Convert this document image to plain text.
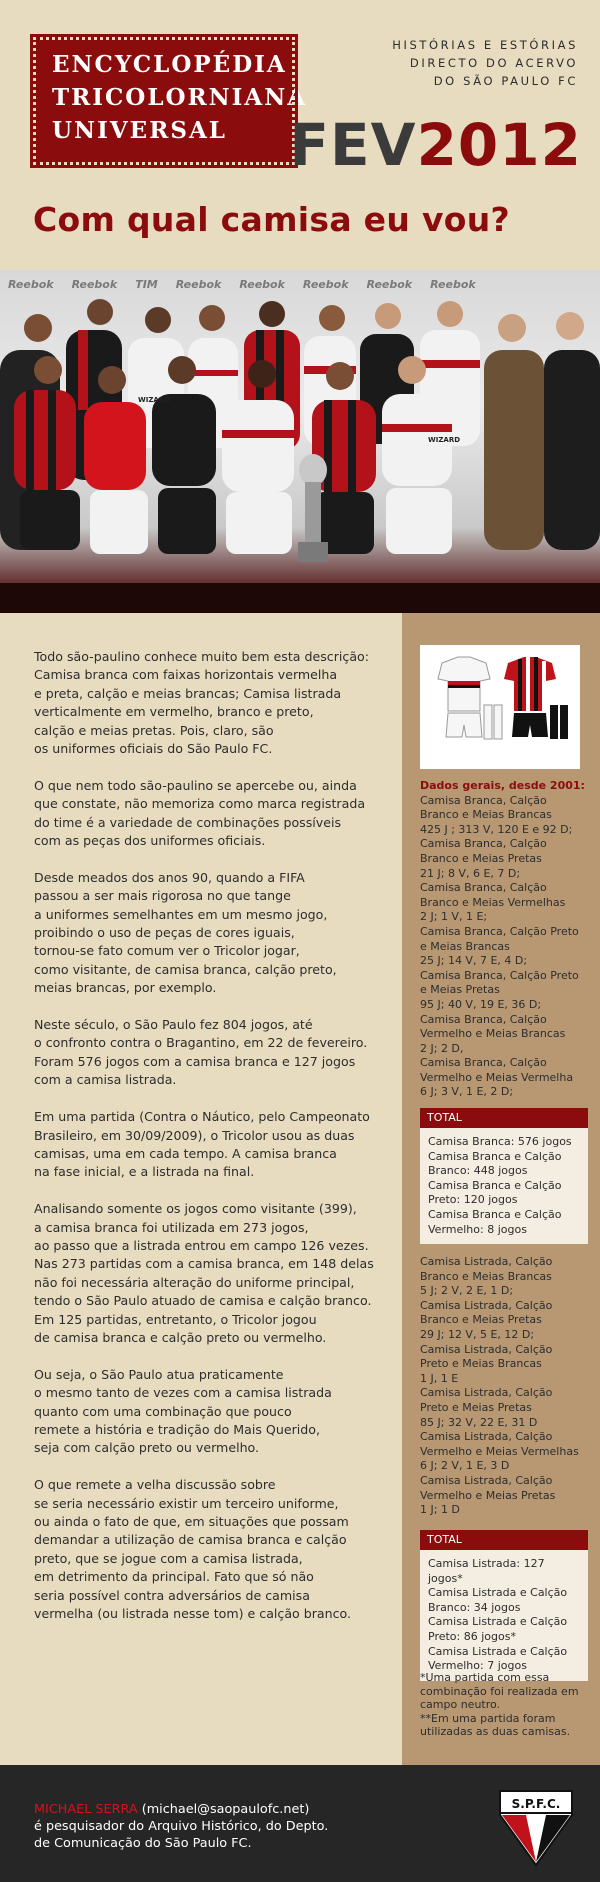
ENCYCLOPÉDIA
TRICOLORNIANA
UNIVERSAL
HISTÓRIAS E ESTÓRIAS
DIRECTO DO ACERVO
DO SÃO PAULO FC
FEV2012
Com qual camisa eu vou?
Reebok Reebok TIM Reebok Reebok Reebok Reebok Reebok
WIZARD
WIZARD

Todo são-paulino conhece muito bem esta descrição:
Camisa branca com faixas horizontais vermelha
e preta, calção e meias brancas; Camisa listrada
verticalmente em vermelho, branco e preto,
calção e meias pretas. Pois, claro, são
os uniformes oficiais do São Paulo FC.

O que nem todo são-paulino se apercebe ou, ainda
que constate, não memoriza como marca registrada
do time é a variedade de combinações possíveis
com as peças dos uniformes oficiais.

Desde meados dos anos 90, quando a FIFA
passou a ser mais rigorosa no que tange
a uniformes semelhantes em um mesmo jogo,
proibindo o uso de peças de cores iguais,
tornou-se fato comum ver o Tricolor jogar,
como visitante, de camisa branca, calção preto,
meias brancas, por exemplo.

Neste século, o São Paulo fez 804 jogos, até
o confronto contra o Bragantino, em 22 de fevereiro.
Foram 576 jogos com a camisa branca e 127 jogos
com a camisa listrada.

Em uma partida (Contra o Náutico, pelo Campeonato
Brasileiro, em 30/09/2009), o Tricolor usou as duas
camisas, uma em cada tempo. A camisa branca
na fase inicial, e a listrada na final.

Analisando somente os jogos como visitante (399),
a camisa branca foi utilizada em 273 jogos,
ao passo que a listrada entrou em campo 126 vezes.
Nas 273 partidas com a camisa branca, em 148 delas
não foi necessária alteração do uniforme principal,
tendo o São Paulo atuado de camisa e calção branco.
Em 125 partidas, entretanto, o Tricolor jogou
de camisa branca e calção preto ou vermelho.

Ou seja, o São Paulo atua praticamente
o mesmo tanto de vezes com a camisa listrada
quanto com uma combinação que pouco
remete a história e tradição do Mais Querido,
seja com calção preto ou vermelho.

O que remete a velha discussão sobre
se seria necessário existir um terceiro uniforme,
ou ainda o fato de que, em situações que possam
demandar a utilização de camisa branca e calção
preto, que se jogue com a camisa listrada,
em detrimento da principal. Fato que só não
seria possível contra adversários de camisa
vermelha (ou listrada nesse tom) e calção branco.

Dados gerais, desde 2001:
Camisa Branca, Calção
Branco e Meias Brancas
425 J ; 313 V, 120 E e 92 D;
Camisa Branca, Calção
Branco e Meias Pretas
21 J; 8 V, 6 E, 7 D;
Camisa Branca, Calção
Branco e Meias Vermelhas
2 J; 1 V, 1 E;
Camisa Branca, Calção Preto
e Meias Brancas
25 J; 14 V, 7 E, 4 D;
Camisa Branca, Calção Preto
e Meias Pretas
95 J; 40 V, 19 E, 36 D;
Camisa Branca, Calção
Vermelho e Meias Brancas
2 J; 2 D,
Camisa Branca, Calção
Vermelho e Meias Vermelha
6 J; 3 V, 1 E, 2 D;
TOTAL
Camisa Branca: 576 jogos
Camisa Branca e Calção
Branco: 448 jogos
Camisa Branca e Calção
Preto: 120 jogos
Camisa Branca e Calção
Vermelho: 8 jogos
Camisa Listrada, Calção
Branco e Meias Brancas
5 J; 2 V, 2 E, 1 D;
Camisa Listrada, Calção
Branco e Meias Pretas
29 J; 12 V, 5 E, 12 D;
Camisa Listrada, Calção
Preto e Meias Brancas
1 J, 1 E
Camisa Listrada, Calção
Preto e Meias Pretas
85 J; 32 V, 22 E, 31 D
Camisa Listrada, Calção
Vermelho e Meias Vermelhas
6 J; 2 V, 1 E, 3 D
Camisa Listrada, Calção
Vermelho e Meias Pretas
1 J; 1 D
TOTAL
Camisa Listrada: 127 jogos*
Camisa Listrada e Calção
Branco: 34 jogos
Camisa Listrada e Calção
Preto: 86 jogos*
Camisa Listrada e Calção
Vermelho: 7 jogos
*Uma partida com essa
combinação foi realizada em
campo neutro.
**Em uma partida foram
utilizadas as duas camisas.
MICHAEL SERRA (michael@saopaulofc.net)
é pesquisador do Arquivo Histórico, do Depto.
de Comunicação do São Paulo FC.
S.P.F.C.
